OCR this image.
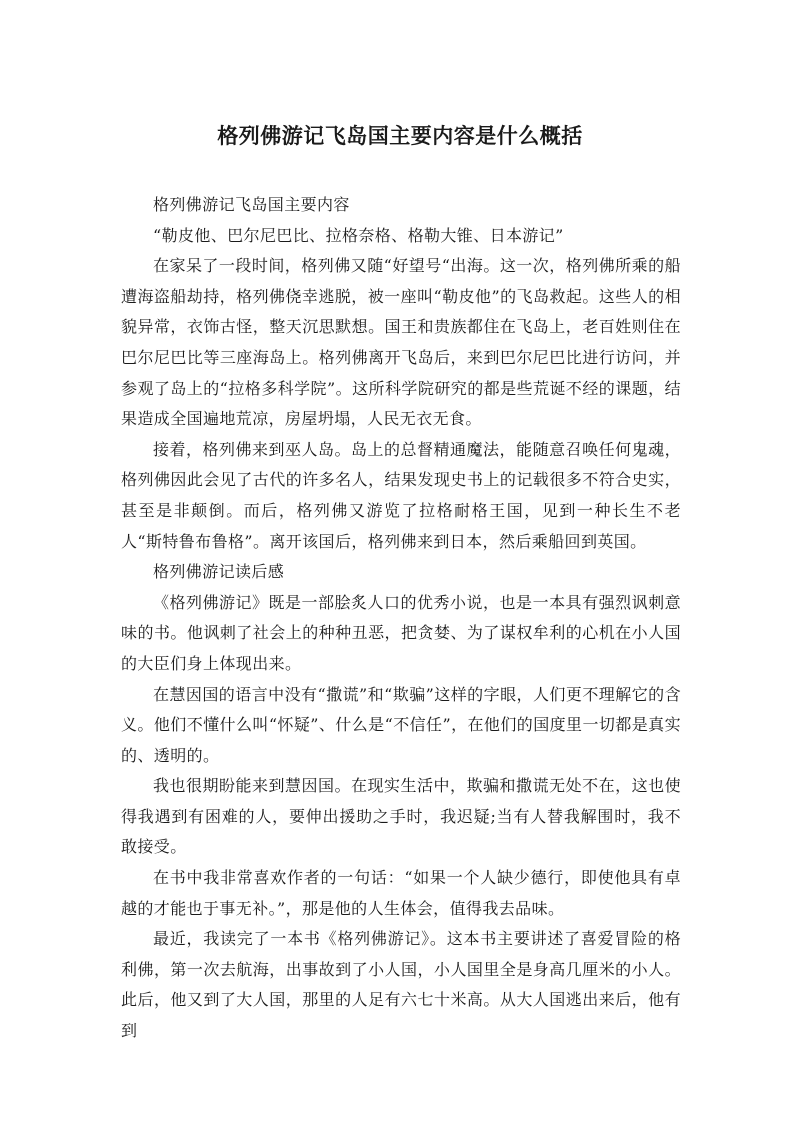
格列佛游记飞岛国主要内容是什么概括

格列佛游记飞岛国主要内容

“勒皮他、巴尔尼巴比、拉格奈格、格勒大锥、日本游记”

在家呆了一段时间，格列佛又随“好望号“出海。这一次，格列佛所乘的船遭海盗船劫持，格列佛侥幸逃脱，被一座叫“勒皮他”的飞岛救起。这些人的相貌异常，衣饰古怪，整天沉思默想。国王和贵族都住在飞岛上，老百姓则住在巴尔尼巴比等三座海岛上。格列佛离开飞岛后，来到巴尔尼巴比进行访问，并参观了岛上的“拉格多科学院”。这所科学院研究的都是些荒诞不经的课题，结果造成全国遍地荒凉，房屋坍塌，人民无衣无食。

接着，格列佛来到巫人岛。岛上的总督精通魔法，能随意召唤任何鬼魂，格列佛因此会见了古代的许多名人，结果发现史书上的记载很多不符合史实，甚至是非颠倒。而后，格列佛又游览了拉格耐格王国，见到一种长生不老人“斯特鲁布鲁格”。离开该国后，格列佛来到日本，然后乘船回到英国。

格列佛游记读后感

《格列佛游记》既是一部脍炙人口的优秀小说，也是一本具有强烈讽刺意味的书。他讽刺了社会上的种种丑恶，把贪婪、为了谋权牟利的心机在小人国的大臣们身上体现出来。

在慧因国的语言中没有“撒谎”和“欺骗”这样的字眼，人们更不理解它的含义。他们不懂什么叫“怀疑”、什么是“不信任”，在他们的国度里一切都是真实的、透明的。

我也很期盼能来到慧因国。在现实生活中，欺骗和撒谎无处不在，这也使得我遇到有困难的人，要伸出援助之手时，我迟疑;当有人替我解围时，我不敢接受。

在书中我非常喜欢作者的一句话：“如果一个人缺少德行，即使他具有卓越的才能也于事无补。”，那是他的人生体会，值得我去品味。

最近，我读完了一本书《格列佛游记》。这本书主要讲述了喜爱冒险的格利佛，第一次去航海，出事故到了小人国，小人国里全是身高几厘米的小人。此后，他又到了大人国，那里的人足有六七十米高。从大人国逃出来后，他有到
